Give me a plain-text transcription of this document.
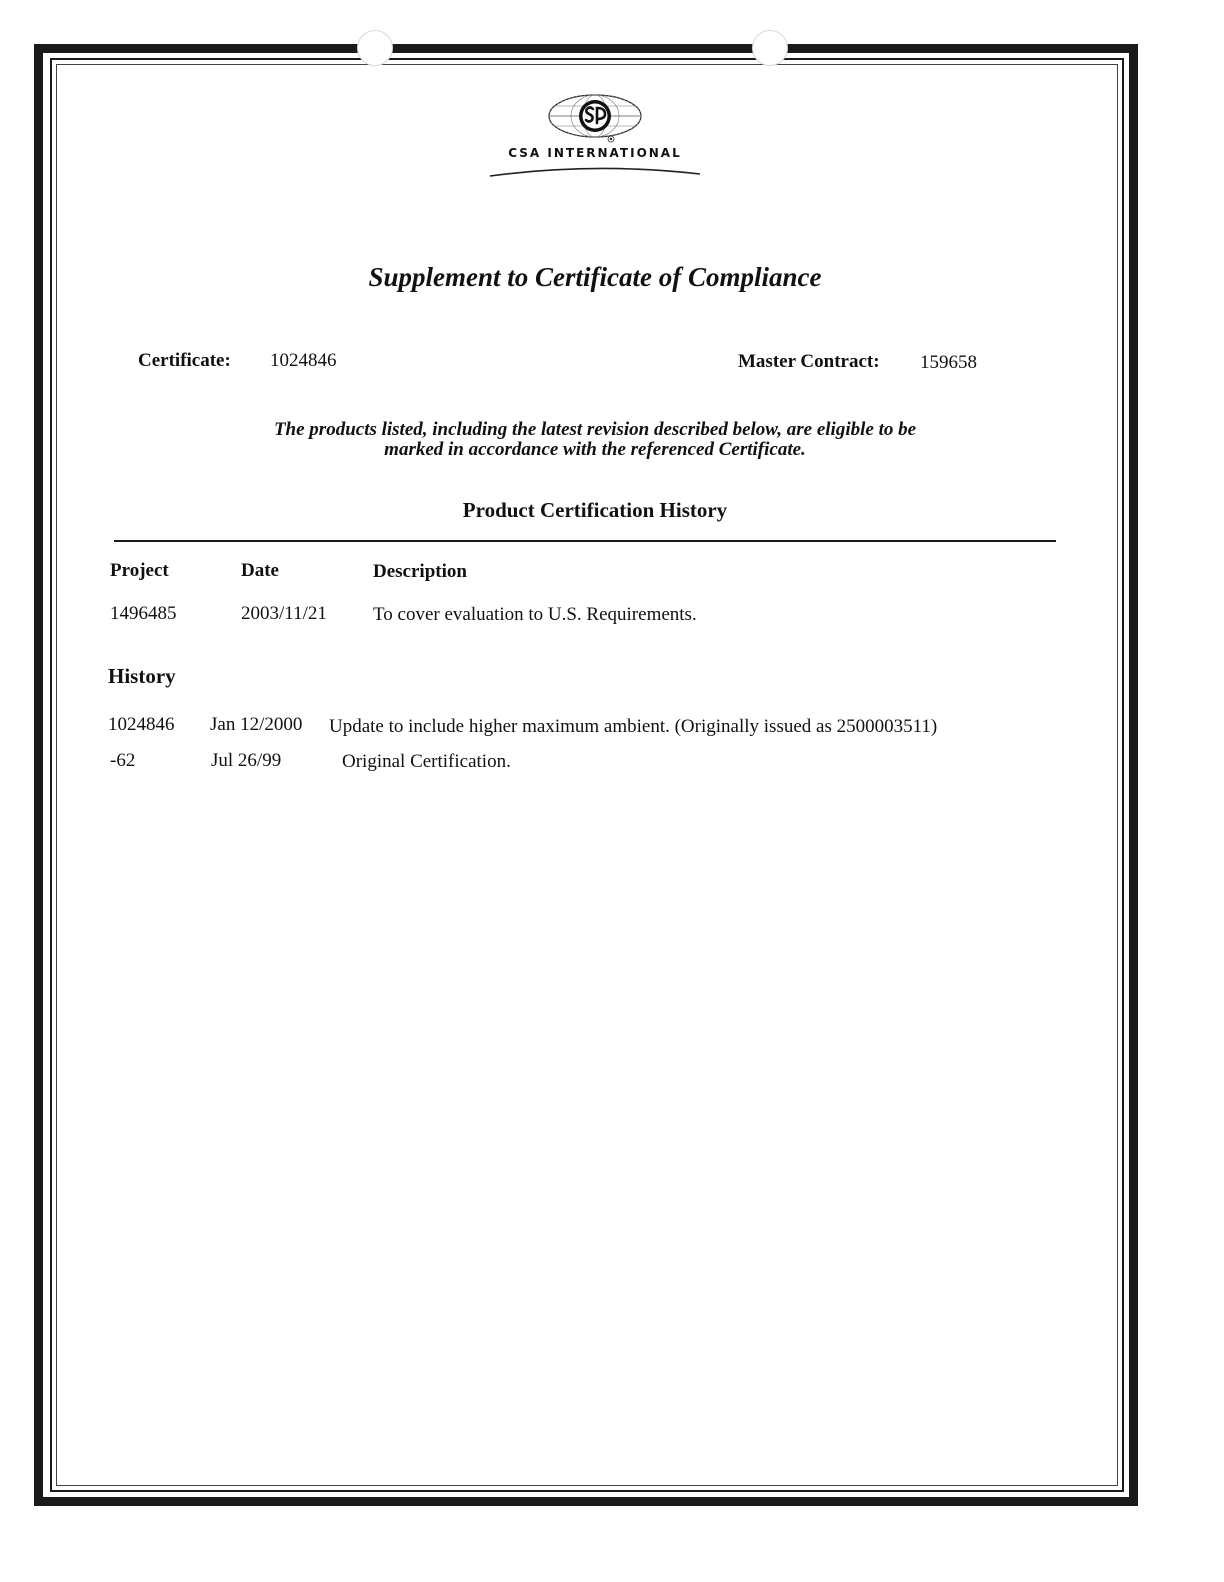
CSA INTERNATIONAL
Supplement to Certificate of Compliance
Certificate: 1024846	Master Contract: 159658
The products listed, including the latest revision described below, are eligible to be
marked in accordance with the referenced Certificate.
Product Certification History
Project	Date	Description
1496485	2003/11/21 To cover evaluation to U.S. Requirements.
History
1024846 Jan 12/2000 Update to include higher maximum ambient. (Originally issued as 2500003511)
-62	Jul 26/99	Original Certification.
